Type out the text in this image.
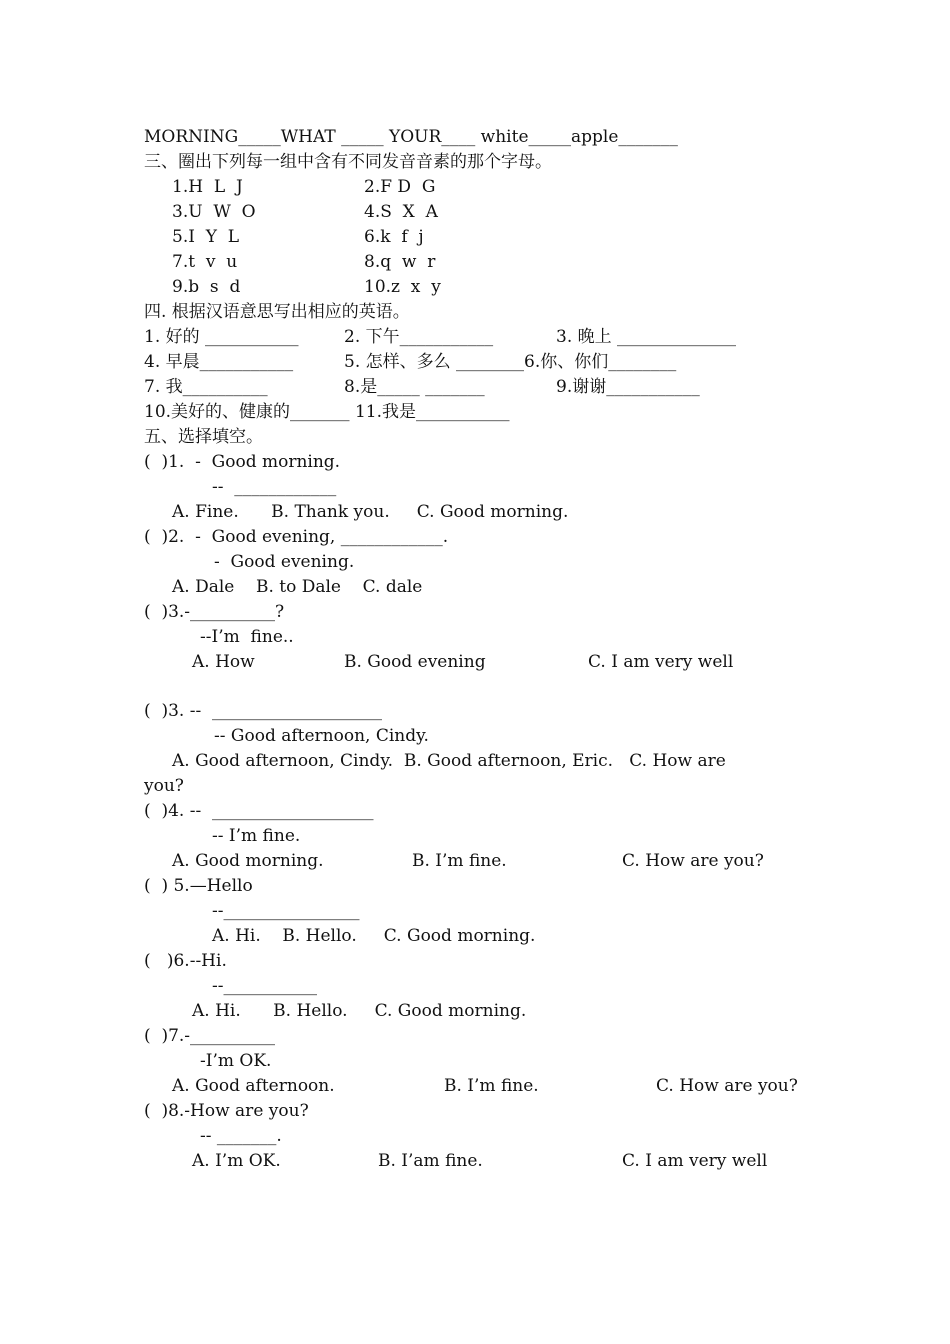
MORNING_____WHAT _____ YOUR____ white_____apple_______
三、圈出下列每一组中含有不同发音音素的那个字母。
1.H  L  J	2.F D  G
3.U  W  O	4.S  X  A
5.I  Y  L	6.k  f  j
7.t  v  u	8.q  w  r
9.b  s  d	10.z  x  y
四. 根据汉语意思写出相应的英语。
1. 好的 ___________	2. 下午___________	3. 晚上 ______________
4. 早晨___________	5. 怎样、多么 ________6.你、你们________
7. 我__________	8.是_____ _______	9.谢谢___________
10.美好的、健康的_______ 11.我是___________
五、选择填空。
(  )1.  -  Good morning.
--  ____________
A. Fine.      B. Thank you.     C. Good morning.
(  )2.  -  Good evening, ____________.
-  Good evening.
A. Dale    B. to Dale    C. dale
(  )3.-__________?
--I’m  fine..
A. How	B. Good evening	C. I am very well
(  )3. --  ____________________
-- Good afternoon, Cindy.
A. Good afternoon, Cindy.  B. Good afternoon, Eric.   C. How are
you?
(  )4. --  ___________________
-- I’m fine.
A. Good morning.	B. I’m fine.	C. How are you?
(  ) 5.—Hello
--________________
A. Hi.    B. Hello.     C. Good morning.
(   )6.--Hi.
--___________
A. Hi.      B. Hello.     C. Good morning.
(  )7.-__________
-I’m OK.
A. Good afternoon.	B. I’m fine.	C. How are you?
(  )8.-How are you?
-- _______.
A. I’m OK.	B. I’am fine.	C. I am very well
